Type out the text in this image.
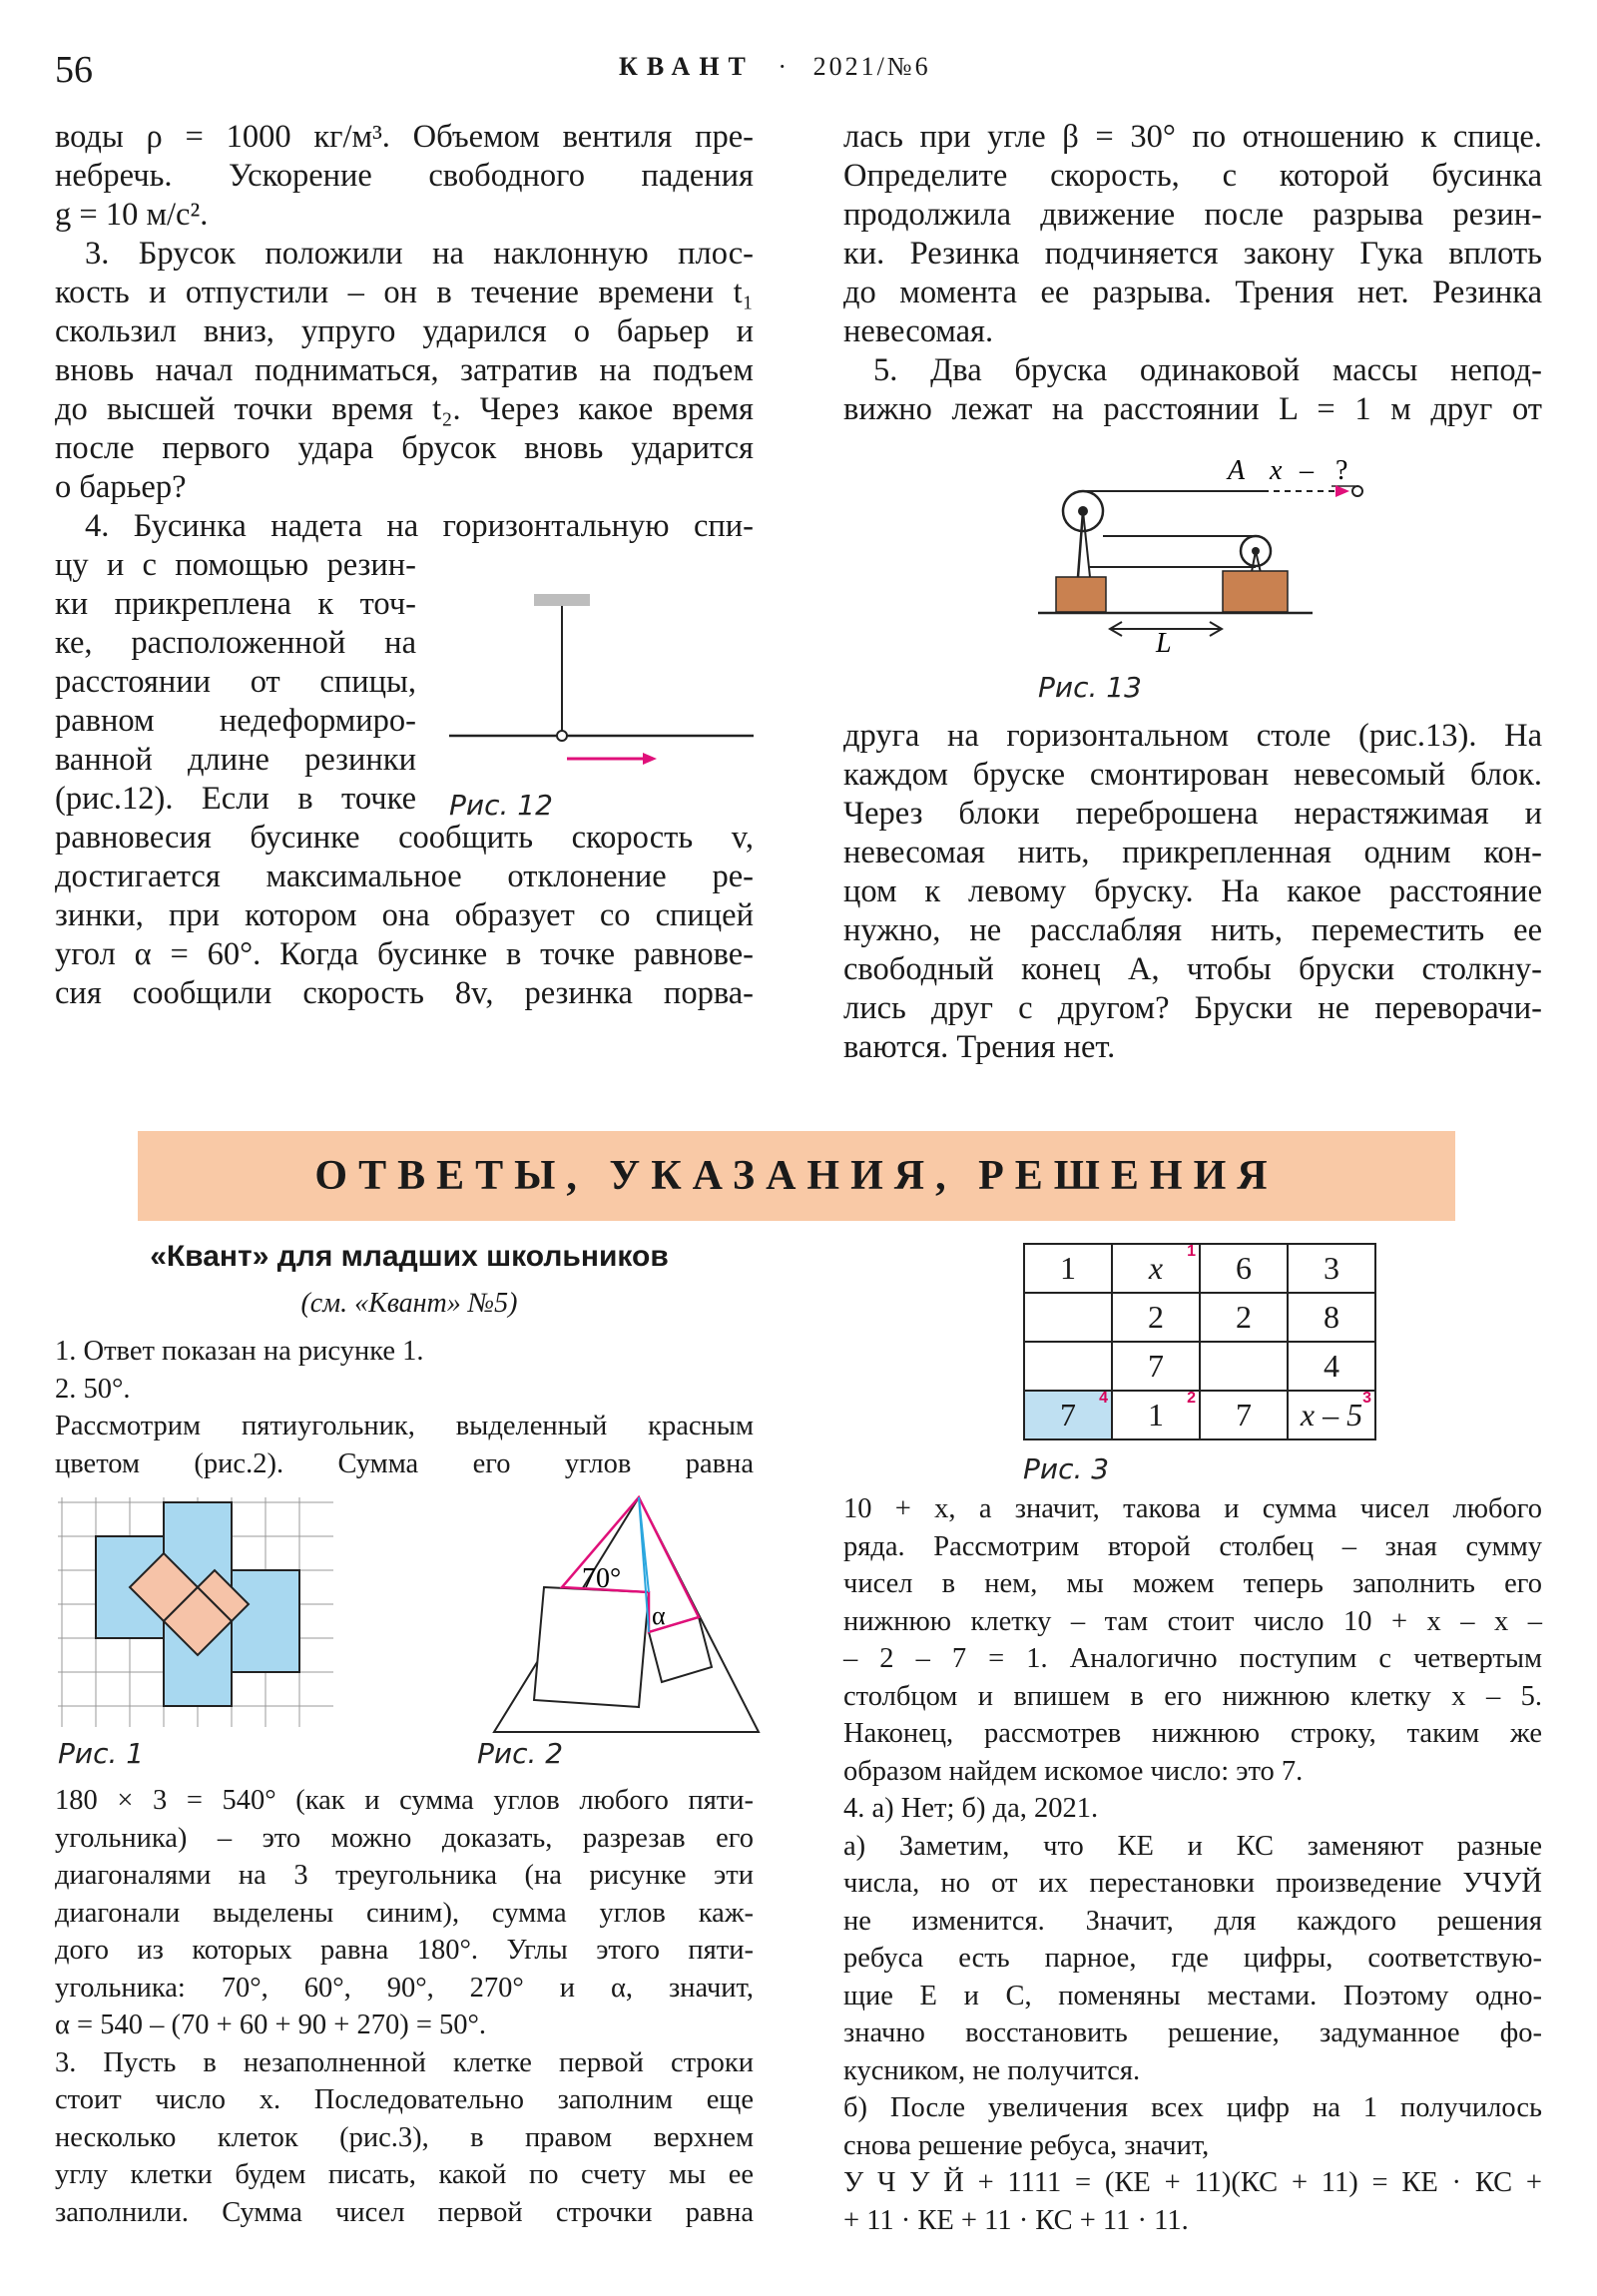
56	КВАНТ · 2021/№6

воды ρ = 1000 кг/м³. Объемом вентиля пре-

небречь. Ускорение свободного падения

g = 10 м/с².

3. Брусок положили на наклонную плос-

кость и отпустили – он в течение времени t₁

скользил вниз, упруго ударился о барьер и

вновь начал подниматься, затратив на подъем

до высшей точки время t₂. Через какое время

после первого удара брусок вновь ударится

о барьер?

4. Бусинка надета на горизонтальную спи-

цу и с помощью резин-

ки прикреплена к точ-

ке, расположенной на

расстоянии от спицы,

равном недеформиро-

ванной длине резинки

(рис.12). Если в точке

равновесия бусинке сообщить скорость v,

достигается максимальное отклонение ре-

зинки, при котором она образует со спицей

угол α = 60°. Когда бусинке в точке равнове-

сия сообщили скорость 8v, резинка порва-

Рис. 12

лась при угле β = 30° по отношению к спице.

Определите скорость, с которой бусинка

продолжила движение после разрыва резин-

ки. Резинка подчиняется закону Гука вплоть

до момента ее разрыва. Трения нет. Резинка

невесомая.

5. Два бруска одинаковой массы непод-

вижно лежат на расстоянии L = 1 м друг от

A x – ?
L
Рис. 13

друга на горизонтальном столе (рис.13). На

каждом бруске смонтирован невесомый блок.

Через блоки переброшена нерастяжимая и

невесомая нить, прикрепленная одним кон-

цом к левому бруску. На какое расстояние

нужно, не расслабляя нить, переместить ее

свободный конец A, чтобы бруски столкну-

лись друг с другом? Бруски не переворачи-

ваются. Трения нет.

ОТВЕТЫ, УКАЗАНИЯ, РЕШЕНИЯ
«Квант» для младших школьников
(см. «Квант» №5)

1. Ответ показан на рисунке 1.

2. 50°.

Рассмотрим пятиугольник, выделенный красным

цветом (рис.2). Сумма его углов равна

Рис. 1
70°
α
Рис. 2

180 × 3 = 540° (как и сумма углов любого пяти-

угольника) – это можно доказать, разрезав его

диагоналями на 3 треугольника (на рисунке эти

диагонали выделены синим), сумма углов каж-

дого из которых равна 180°. Углы этого пяти-

угольника: 70°, 60°, 90°, 270° и α, значит,

α = 540 – (70 + 60 + 90 + 270) = 50°.

3. Пусть в незаполненной клетке первой строки

стоит число x. Последовательно заполним еще

несколько клеток (рис.3), в правом верхнем

углу клетки будем писать, какой по счету мы ее

заполнили. Сумма чисел первой строчки равна

1	x 1	6	3
	2	2	8
	7		4
7 4	1 2	7	x – 5 3
Рис. 3

10 + x, а значит, такова и сумма чисел любого

ряда. Рассмотрим второй столбец – зная сумму

чисел в нем, мы можем теперь заполнить его

нижнюю клетку – там стоит число 10 + x – x –

– 2 – 7 = 1. Аналогично поступим с четвертым

столбцом и впишем в его нижнюю клетку x – 5.

Наконец, рассмотрев нижнюю строку, таким же

образом найдем искомое число: это 7.

4. а) Нет; б) да, 2021.

а) Заметим, что КЕ и КС заменяют разные

числа, но от их перестановки произведение УЧУЙ

не изменится. Значит, для каждого решения

ребуса есть парное, где цифры, соответствую-

щие Е и С, поменяны местами. Поэтому одно-

значно восстановить решение, задуманное фо-

кусником, не получится.

б) После увеличения всех цифр на 1 получилось

снова решение ребуса, значит,

У Ч У Й + 1111 = (КЕ + 11)(КС + 11) = КЕ · КС +

+ 11 · КЕ + 11 · КС + 11 · 11.
